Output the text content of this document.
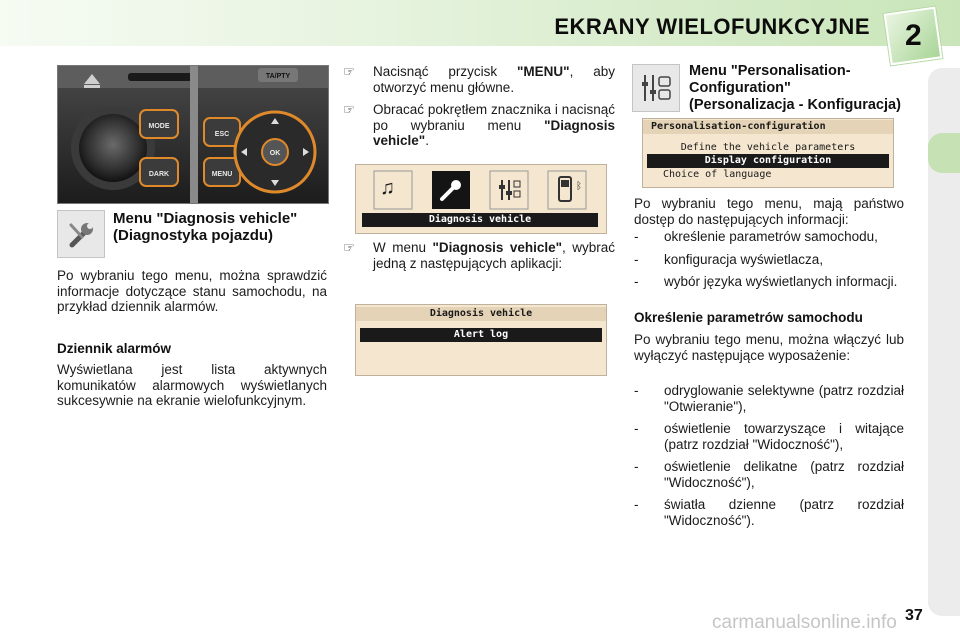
EKRANY WIELOFUNKCYJNE 2
MODE
DARK
ESC
MENU
TA/PTY
OK
Menu "Diagnosis vehicle"
(Diagnostyka pojazdu)
Po wybraniu tego menu, można sprawdzić informacje dotyczące stanu samochodu, na przykład dziennik alarmów.
Dziennik alarmów
Wyświetlana jest lista aktywnych komunikatów alarmowych wyświetlanych sukcesywnie na ekranie wielofunkcyjnym.
☞	Nacisnąć przycisk "MENU", aby otworzyć menu główne.
☞	Obracać pokrętłem znacznika i nacisnąć po wybraniu menu "Diagnosis vehicle".
♫	ᛒ
Diagnosis vehicle
☞	W menu "Diagnosis vehicle", wybrać jedną z następujących aplikacji:
Diagnosis vehicle
Alert log
Menu "Personalisation-
Configuration"
(Personalizacja - Konfiguracja)
Personalisation-configuration
Define the vehicle parameters
Display configuration
Choice of language
Po wybraniu tego menu, mają państwo dostęp do następujących informacji:
-	określenie parametrów samochodu,
-	konfiguracja wyświetlacza,
-	wybór języka wyświetlanych informacji.
Określenie parametrów samochodu
Po wybraniu tego menu, można włączyć lub wyłączyć następujące wyposażenie:
-	odryglowanie selektywne (patrz rozdział "Otwieranie"),
-	oświetlenie towarzyszące i witające (patrz rozdział "Widoczność"),
-	oświetlenie delikatne (patrz rozdział "Widoczność"),
-	światła dzienne (patrz rozdział "Widoczność").
carmanualsonline.info 37
